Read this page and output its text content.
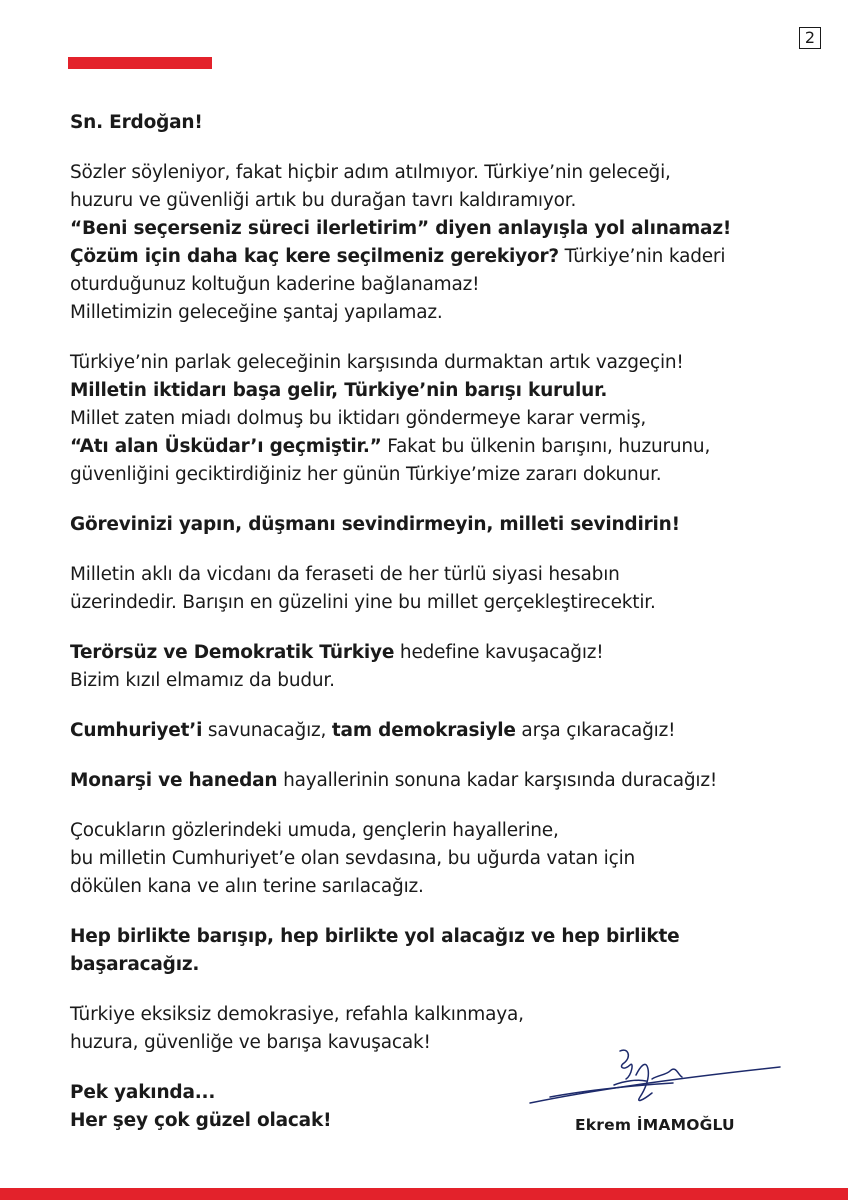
2

Sn. Erdoğan!

Sözler söyleniyor, fakat hiçbir adım atılmıyor. Türkiye’nin geleceği,

huzuru ve güvenliği artık bu durağan tavrı kaldıramıyor.

“Beni seçerseniz süreci ilerletirim” diyen anlayışla yol alınamaz!

Çözüm için daha kaç kere seçilmeniz gerekiyor? Türkiye’nin kaderi

oturduğunuz koltuğun kaderine bağlanamaz!

Milletimizin geleceğine şantaj yapılamaz.

Türkiye’nin parlak geleceğinin karşısında durmaktan artık vazgeçin!

Milletin iktidarı başa gelir, Türkiye’nin barışı kurulur.

Millet zaten miadı dolmuş bu iktidarı göndermeye karar vermiş,

“Atı alan Üsküdar’ı geçmiştir.” Fakat bu ülkenin barışını, huzurunu,

güvenliğini geciktirdiğiniz her günün Türkiye’mize zararı dokunur.

Görevinizi yapın, düşmanı sevindirmeyin, milleti sevindirin!

Milletin aklı da vicdanı da feraseti de her türlü siyasi hesabın

üzerindedir. Barışın en güzelini yine bu millet gerçekleştirecektir.

Terörsüz ve Demokratik Türkiye hedefine kavuşacağız!

Bizim kızıl elmamız da budur.

Cumhuriyet’i savunacağız, tam demokrasiyle arşa çıkaracağız!

Monarşi ve hanedan hayallerinin sonuna kadar karşısında duracağız!

Çocukların gözlerindeki umuda, gençlerin hayallerine,

bu milletin Cumhuriyet’e olan sevdasına, bu uğurda vatan için

dökülen kana ve alın terine sarılacağız.

Hep birlikte barışıp, hep birlikte yol alacağız ve hep birlikte

başaracağız.

Türkiye eksiksiz demokrasiye, refahla kalkınmaya,

huzura, güvenliğe ve barışa kavuşacak!

Pek yakında...

Her şey çok güzel olacak!	Ekrem İMAMOĞLU
